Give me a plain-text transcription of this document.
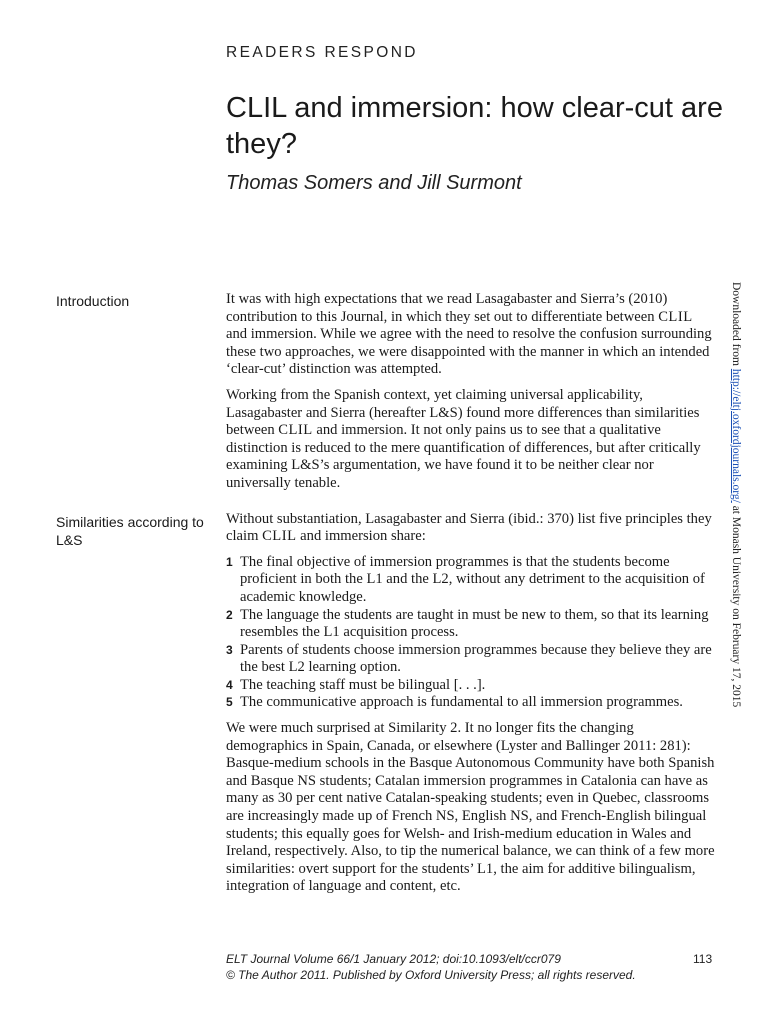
READERS RESPOND
CLIL and immersion: how clear-cut are they?
Thomas Somers and Jill Surmont
Introduction
Similarities according to L&S

It was with high expectations that we read Lasagabaster and Sierra’s (2010) contribution to this Journal, in which they set out to differentiate between CLIL and immersion. While we agree with the need to resolve the confusion surrounding these two approaches, we were disappointed with the manner in which an intended ‘clear-cut’ distinction was attempted.

Working from the Spanish context, yet claiming universal applicability, Lasagabaster and Sierra (hereafter L&S) found more differences than similarities between CLIL and immersion. It not only pains us to see that a qualitative distinction is reduced to the mere quantification of differences, but after critically examining L&S’s argumentation, we have found it to be neither clear nor universally tenable.

Without substantiation, Lasagabaster and Sierra (ibid.: 370) list five principles they claim CLIL and immersion share:

1 The final objective of immersion programmes is that the students become proficient in both the L1 and the L2, without any detriment to the acquisition of academic knowledge.
2 The language the students are taught in must be new to them, so that its learning resembles the L1 acquisition process.
3 Parents of students choose immersion programmes because they believe they are the best L2 learning option.
4 The teaching staff must be bilingual [. . .].
5 The communicative approach is fundamental to all immersion programmes.

We were much surprised at Similarity 2. It no longer fits the changing demographics in Spain, Canada, or elsewhere (Lyster and Ballinger 2011: 281): Basque-medium schools in the Basque Autonomous Community have both Spanish and Basque NS students; Catalan immersion programmes in Catalonia can have as many as 30 per cent native Catalan-speaking students; even in Quebec, classrooms are increasingly made up of French NS, English NS, and French-English bilingual students; this equally goes for Welsh- and Irish-medium education in Wales and Ireland, respectively. Also, to tip the numerical balance, we can think of a few more similarities: overt support for the students’ L1, the aim for additive bilingualism, integration of language and content, etc.

ELT Journal Volume 66/1 January 2012; doi:10.1093/elt/ccr079
© The Author 2011. Published by Oxford University Press; all rights reserved.
113
Downloaded from http://eltj.oxfordjournals.org/ at Monash University on February 17, 2015
